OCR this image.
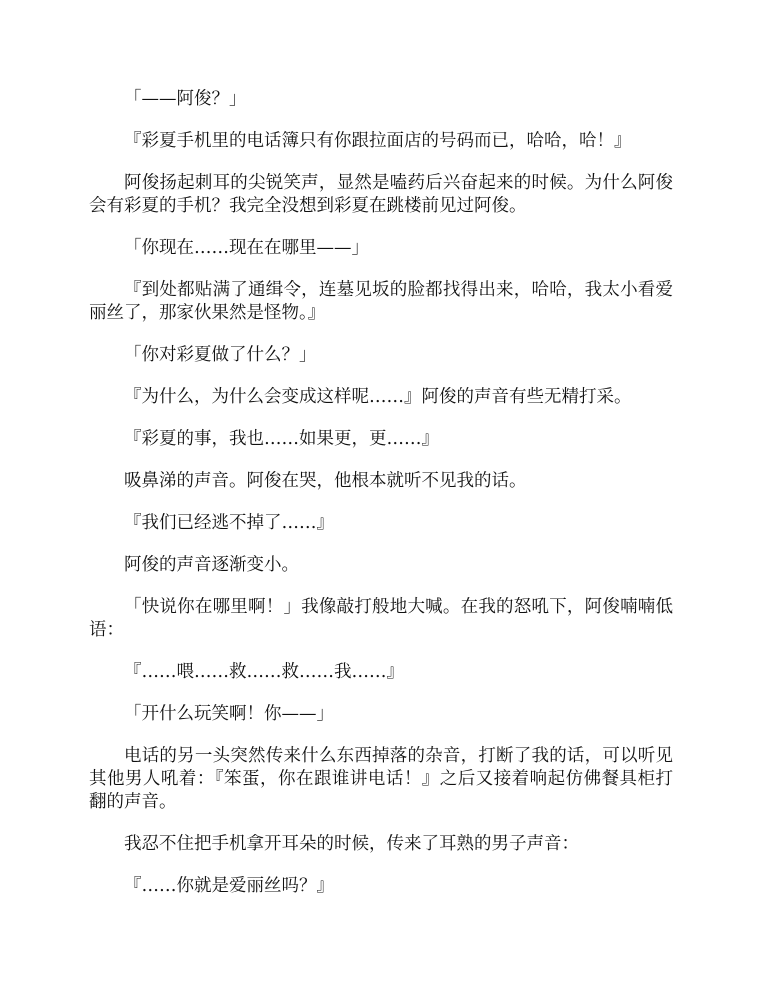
「——阿俊？」

『彩夏手机里的电话簿只有你跟拉面店的号码而已，哈哈，哈！』

阿俊扬起刺耳的尖锐笑声，显然是嗑药后兴奋起来的时候。为什么阿俊会有彩夏的手机？我完全没想到彩夏在跳楼前见过阿俊。

「你现在……现在在哪里——」

『到处都贴满了通缉令，连墓见坂的脸都找得出来，哈哈，我太小看爱丽丝了，那家伙果然是怪物。』

「你对彩夏做了什么？」

『为什么，为什么会变成这样呢……』阿俊的声音有些无精打采。

『彩夏的事，我也……如果更，更……』

吸鼻涕的声音。阿俊在哭，他根本就听不见我的话。

『我们已经逃不掉了……』

阿俊的声音逐渐变小。

「快说你在哪里啊！」我像敲打般地大喊。在我的怒吼下，阿俊喃喃低语：

『……喂……救……救……我……』

「开什么玩笑啊！你——」

电话的另一头突然传来什么东西掉落的杂音，打断了我的话，可以听见其他男人吼着：『笨蛋，你在跟谁讲电话！』之后又接着响起仿佛餐具柜打翻的声音。

我忍不住把手机拿开耳朵的时候，传来了耳熟的男子声音：

『……你就是爱丽丝吗？』
